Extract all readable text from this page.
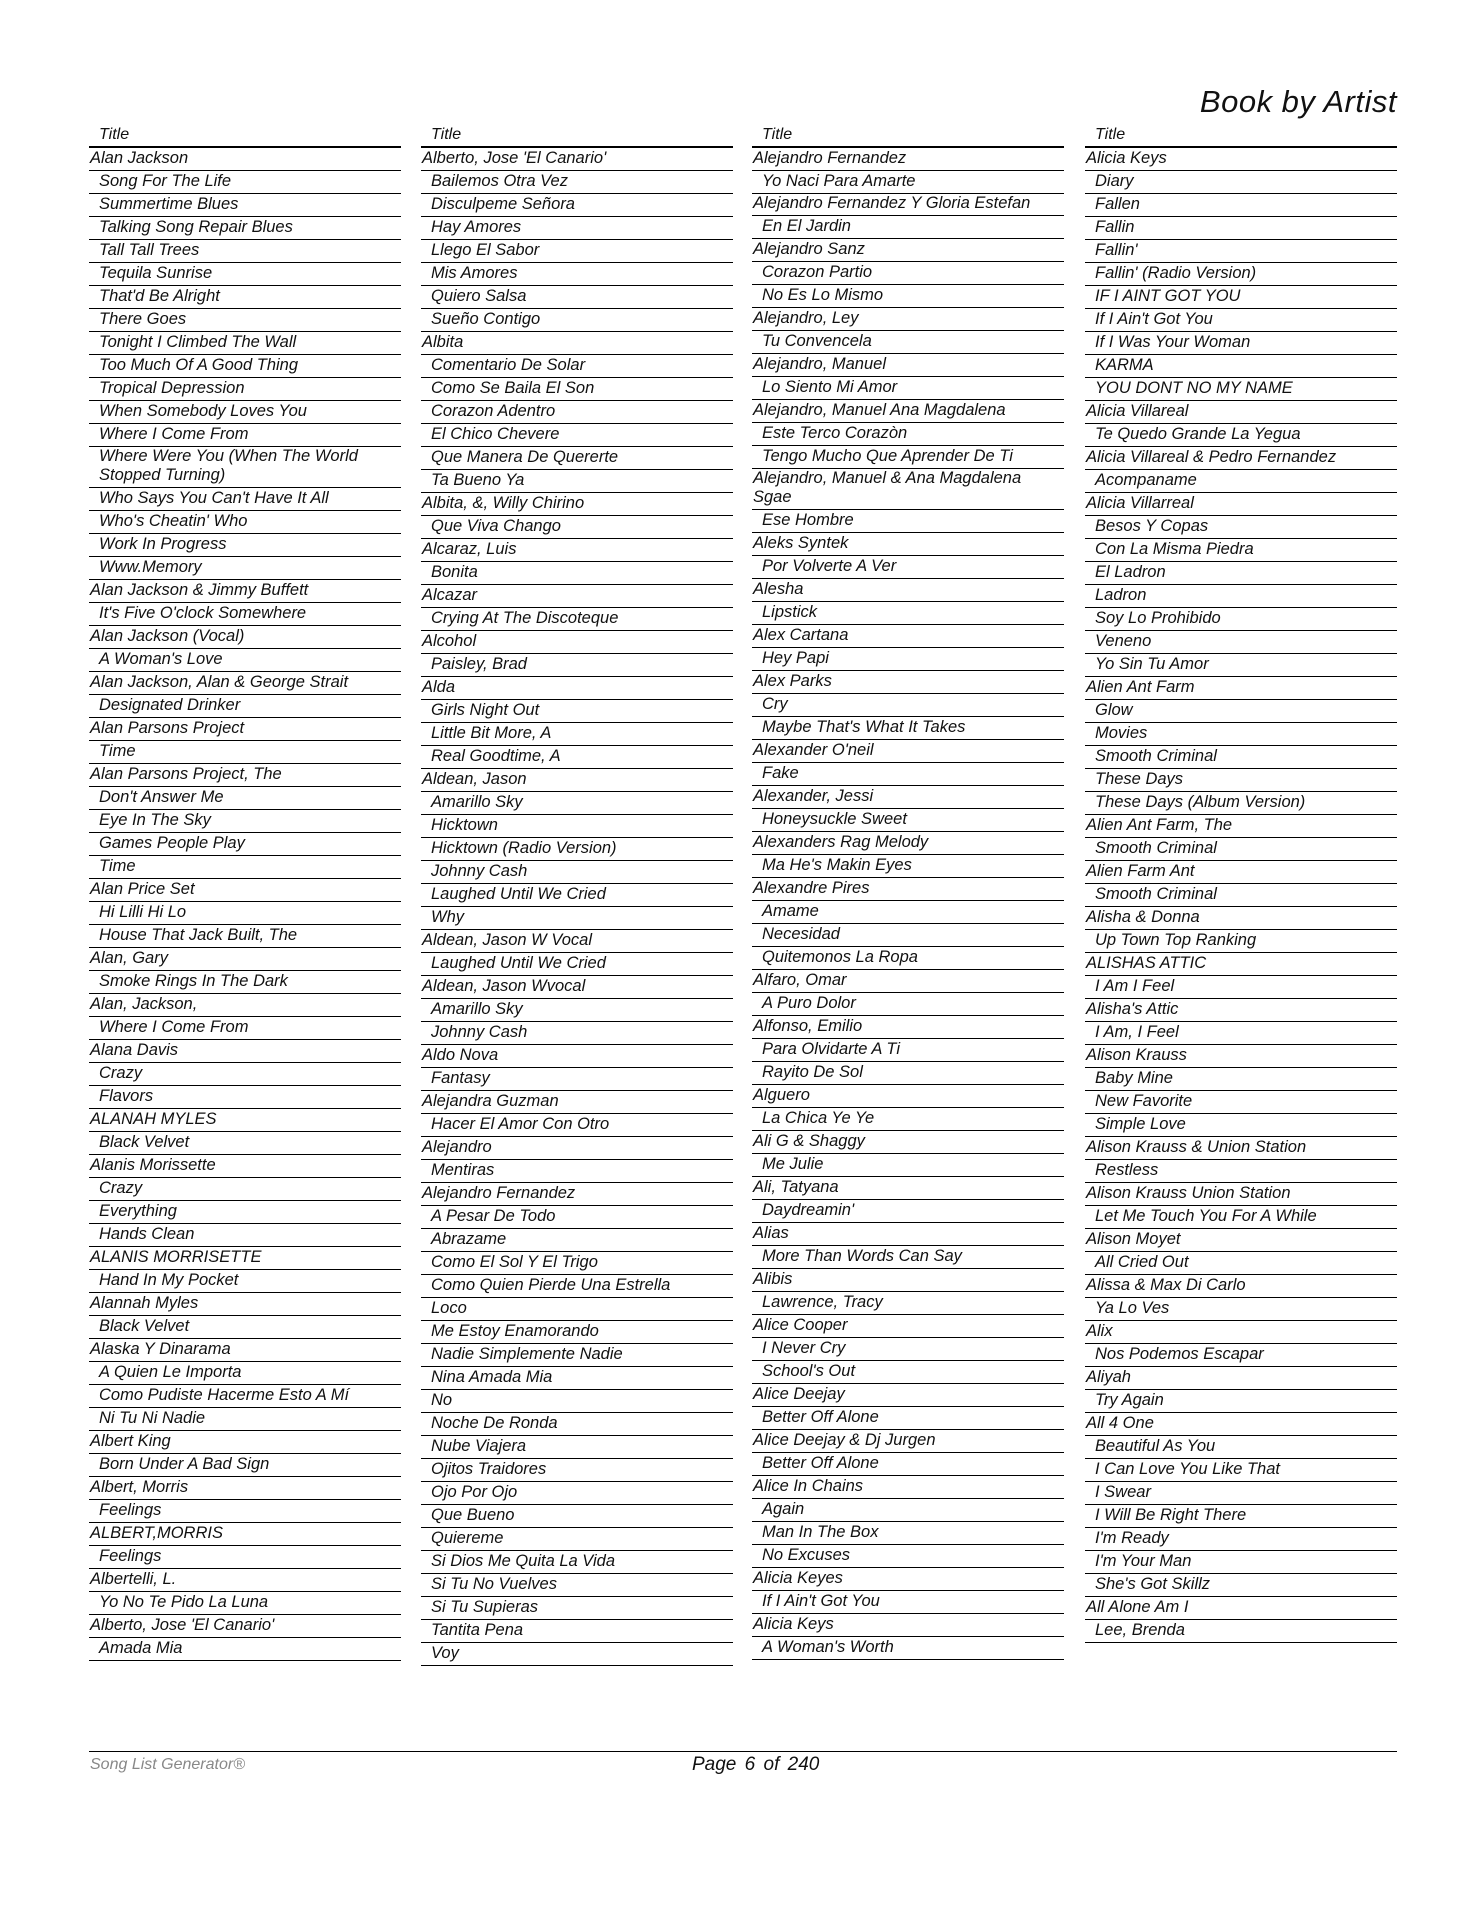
Book by Artist
Title
Alan Jackson
Song For The Life
Summertime Blues
Talking Song Repair Blues
Tall Tall Trees
Tequila Sunrise
That'd Be Alright
There Goes
Tonight I Climbed The Wall
Too Much Of A Good Thing
Tropical Depression
When Somebody Loves You
Where I Come From
Where Were You (When The World Stopped Turning)
Who Says You Can't Have It All
Who's Cheatin' Who
Work In Progress
Www.Memory
Alan Jackson & Jimmy Buffett
It's Five O'clock Somewhere
Alan Jackson (Vocal)
A Woman's Love
Alan Jackson, Alan & George Strait
Designated Drinker
Alan Parsons Project
Time
Alan Parsons Project, The
Don't Answer Me
Eye In The Sky
Games People Play
Time
Alan Price Set
Hi Lilli Hi Lo
House That Jack Built, The
Alan, Gary
Smoke Rings In The Dark
Alan, Jackson,
Where I Come From
Alana Davis
Crazy
Flavors
ALANAH MYLES
Black Velvet
Alanis Morissette
Crazy
Everything
Hands Clean
ALANIS MORRISETTE
Hand In My Pocket
Alannah Myles
Black Velvet
Alaska Y Dinarama
A Quien Le Importa
Como Pudiste Hacerme Esto A Mí
Ni Tu Ni Nadie
Albert King
Born Under A Bad Sign
Albert, Morris
Feelings
ALBERT,MORRIS
Feelings
Albertelli, L.
Yo No Te Pido La Luna
Alberto, Jose 'El Canario'
Amada Mia
Title
Alberto, Jose 'El Canario'
Bailemos Otra Vez
Disculpeme Señora
Hay Amores
Llego El Sabor
Mis Amores
Quiero Salsa
Sueño Contigo
Albita
Comentario De Solar
Como Se Baila El Son
Corazon Adentro
El Chico Chevere
Que Manera De Quererte
Ta Bueno Ya
Albita, &, Willy Chirino
Que Viva Chango
Alcaraz, Luis
Bonita
Alcazar
Crying At The Discoteque
Alcohol
Paisley, Brad
Alda
Girls Night Out
Little Bit More, A
Real Goodtime, A
Aldean, Jason
Amarillo Sky
Hicktown
Hicktown (Radio Version)
Johnny Cash
Laughed Until We Cried
Why
Aldean, Jason W Vocal
Laughed Until We Cried
Aldean, Jason Wvocal
Amarillo Sky
Johnny Cash
Aldo Nova
Fantasy
Alejandra Guzman
Hacer El Amor Con Otro
Alejandro
Mentiras
Alejandro Fernandez
A Pesar De Todo
Abrazame
Como El Sol Y El Trigo
Como Quien Pierde Una Estrella
Loco
Me Estoy Enamorando
Nadie Simplemente Nadie
Nina Amada Mia
No
Noche De Ronda
Nube Viajera
Ojitos Traidores
Ojo Por Ojo
Que Bueno
Quiereme
Si Dios Me Quita La Vida
Si Tu No Vuelves
Si Tu Supieras
Tantita Pena
Voy
Title
Alejandro Fernandez
Yo Naci Para Amarte
Alejandro Fernandez Y Gloria Estefan
En El Jardin
Alejandro Sanz
Corazon Partio
No Es Lo Mismo
Alejandro, Ley
Tu Convencela
Alejandro, Manuel
Lo Siento Mi Amor
Alejandro, Manuel Ana Magdalena
Este Terco Corazòn
Tengo Mucho Que Aprender De Ti
Alejandro, Manuel & Ana Magdalena Sgae
Ese Hombre
Aleks Syntek
Por Volverte A Ver
Alesha
Lipstick
Alex Cartana
Hey Papi
Alex Parks
Cry
Maybe That's What It Takes
Alexander O'neil
Fake
Alexander, Jessi
Honeysuckle Sweet
Alexanders Rag Melody
Ma He's Makin Eyes
Alexandre Pires
Amame
Necesidad
Quitemonos La Ropa
Alfaro, Omar
A Puro Dolor
Alfonso, Emilio
Para Olvidarte A Ti
Rayito De Sol
Alguero
La Chica Ye Ye
Ali G & Shaggy
Me Julie
Ali, Tatyana
Daydreamin'
Alias
More Than Words Can Say
Alibis
Lawrence, Tracy
Alice Cooper
I Never Cry
School's Out
Alice Deejay
Better Off Alone
Alice Deejay & Dj Jurgen
Better Off Alone
Alice In Chains
Again
Man In The Box
No Excuses
Alicia Keyes
If I Ain't Got You
Alicia Keys
A Woman's Worth
Title
Alicia Keys
Diary
Fallen
Fallin
Fallin'
Fallin' (Radio Version)
IF I AINT GOT YOU
If I Ain't Got You
If I Was Your Woman
KARMA
YOU DONT NO MY NAME
Alicia Villareal
Te Quedo Grande La Yegua
Alicia Villareal & Pedro Fernandez
Acompaname
Alicia Villarreal
Besos Y Copas
Con La Misma Piedra
El Ladron
Ladron
Soy Lo Prohibido
Veneno
Yo Sin Tu Amor
Alien Ant Farm
Glow
Movies
Smooth Criminal
These Days
These Days (Album Version)
Alien Ant Farm, The
Smooth Criminal
Alien Farm Ant
Smooth Criminal
Alisha & Donna
Up Town Top Ranking
ALISHAS ATTIC
I Am I Feel
Alisha's Attic
I Am, I Feel
Alison Krauss
Baby Mine
New Favorite
Simple Love
Alison Krauss & Union Station
Restless
Alison Krauss Union Station
Let Me Touch You For A While
Alison Moyet
All Cried Out
Alissa & Max Di Carlo
Ya Lo Ves
Alix
Nos Podemos Escapar
Aliyah
Try Again
All 4 One
Beautiful As You
I Can Love You Like That
I Swear
I Will Be Right There
I'm Ready
I'm Your Man
She's Got Skillz
All Alone Am I
Lee, Brenda
Song List Generator®	Page 6 of 240
